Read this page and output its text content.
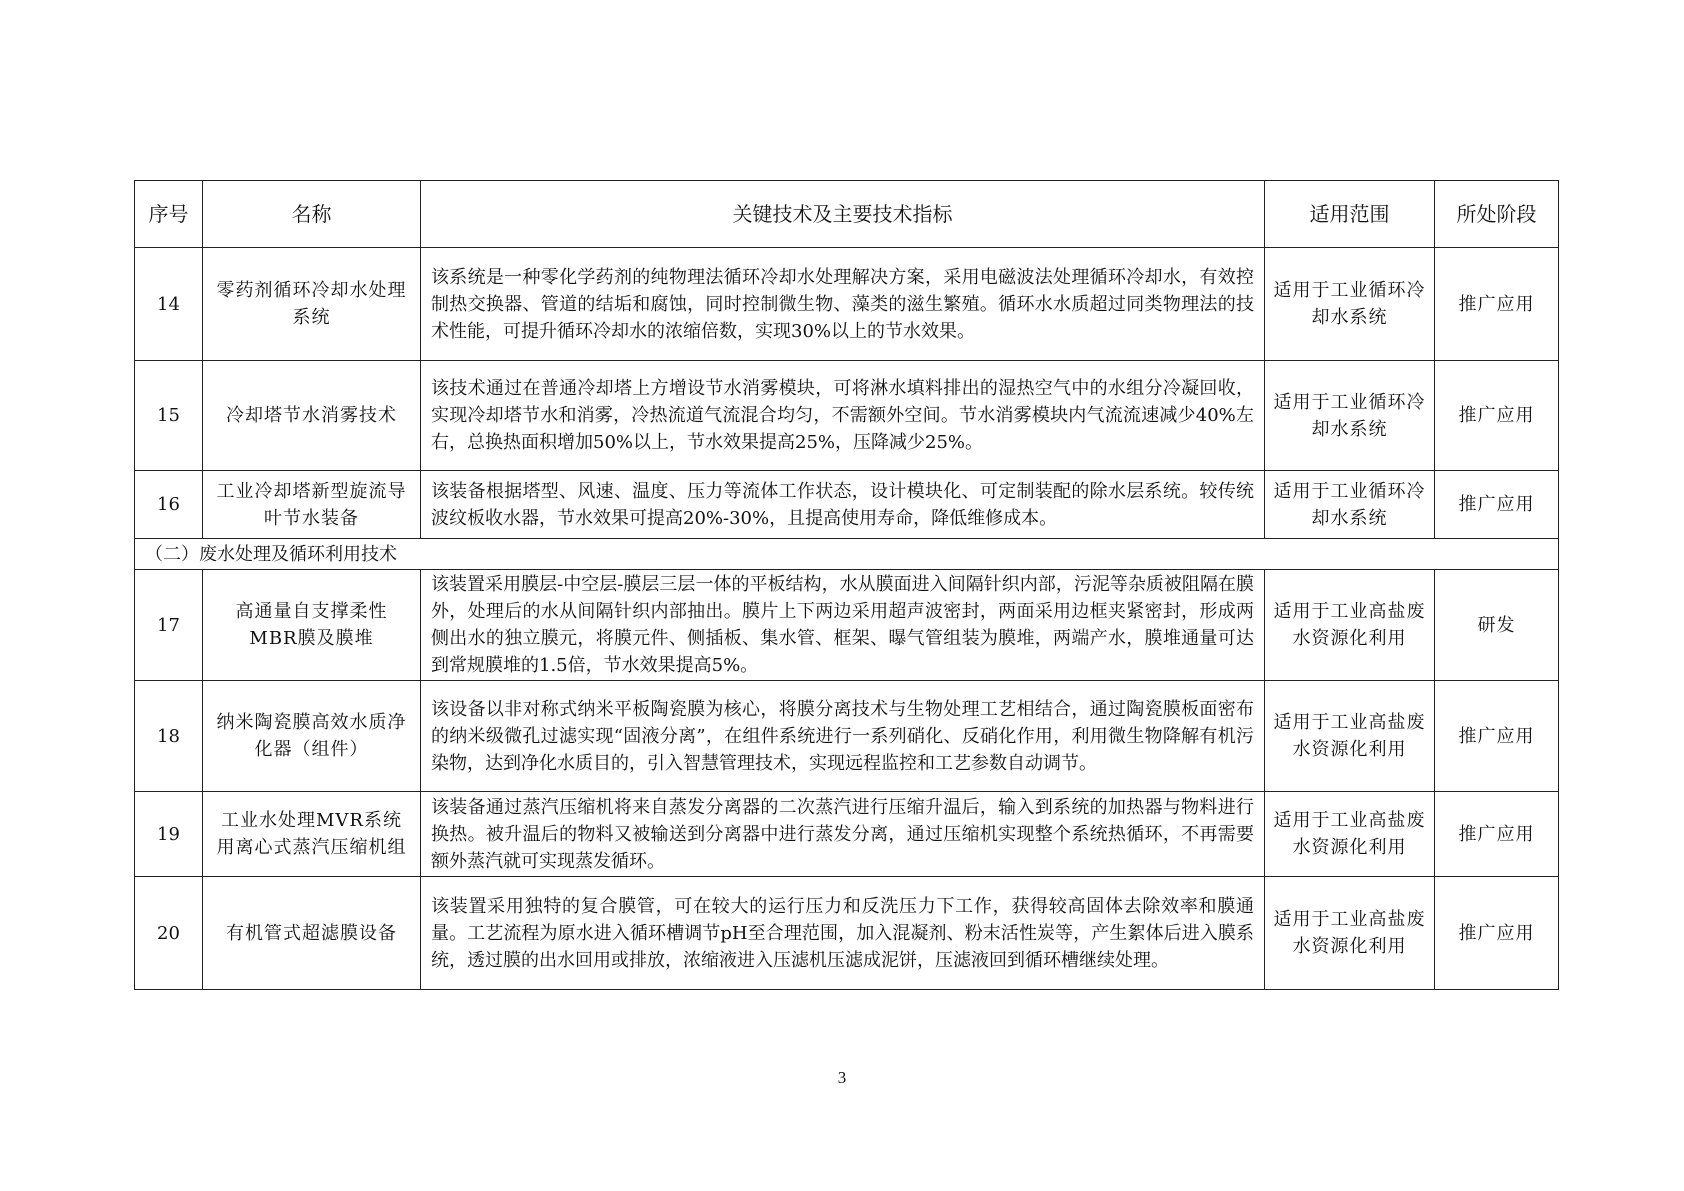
序号	名称	关键技术及主要技术指标	适用范围	所处阶段
14	零药剂循环冷却水处理系统	该系统是一种零化学药剂的纯物理法循环冷却水处理解决方案，采用电磁波法处理循环冷却水，有效控制热交换器、管道的结垢和腐蚀，同时控制微生物、藻类的滋生繁殖。循环水水质超过同类物理法的技术性能，可提升循环冷却水的浓缩倍数，实现30%以上的节水效果。	适用于工业循环冷却水系统	推广应用
15	冷却塔节水消雾技术	该技术通过在普通冷却塔上方增设节水消雾模块，可将淋水填料排出的湿热空气中的水组分冷凝回收，实现冷却塔节水和消雾，冷热流道气流混合均匀，不需额外空间。节水消雾模块内气流流速减少40%左右，总换热面积增加50%以上，节水效果提高25%，压降减少25%。	适用于工业循环冷却水系统	推广应用
16	工业冷却塔新型旋流导叶节水装备	该装备根据塔型、风速、温度、压力等流体工作状态，设计模块化、可定制装配的除水层系统。较传统波纹板收水器，节水效果可提高20%-30%，且提高使用寿命，降低维修成本。	适用于工业循环冷却水系统	推广应用
（二）废水处理及循环利用技术				
17	高通量自支撑柔性MBR膜及膜堆	该装置采用膜层-中空层-膜层三层一体的平板结构，水从膜面进入间隔针织内部，污泥等杂质被阻隔在膜外，处理后的水从间隔针织内部抽出。膜片上下两边采用超声波密封，两面采用边框夹紧密封，形成两侧出水的独立膜元，将膜元件、侧插板、集水管、框架、曝气管组装为膜堆，两端产水，膜堆通量可达到常规膜堆的1.5倍，节水效果提高5%。	适用于工业高盐废水资源化利用	研发
18	纳米陶瓷膜高效水质净化器（组件）	该设备以非对称式纳米平板陶瓷膜为核心，将膜分离技术与生物处理工艺相结合，通过陶瓷膜板面密布的纳米级微孔过滤实现“固液分离”，在组件系统进行一系列硝化、反硝化作用，利用微生物降解有机污染物，达到净化水质目的，引入智慧管理技术，实现远程监控和工艺参数自动调节。	适用于工业高盐废水资源化利用	推广应用
19	工业水处理MVR系统用离心式蒸汽压缩机组	该装备通过蒸汽压缩机将来自蒸发分离器的二次蒸汽进行压缩升温后，输入到系统的加热器与物料进行换热。被升温后的物料又被输送到分离器中进行蒸发分离，通过压缩机实现整个系统热循环，不再需要额外蒸汽就可实现蒸发循环。	适用于工业高盐废水资源化利用	推广应用
20	有机管式超滤膜设备	该装置采用独特的复合膜管，可在较大的运行压力和反洗压力下工作，获得较高固体去除效率和膜通量。工艺流程为原水进入循环槽调节pH至合理范围，加入混凝剂、粉末活性炭等，产生絮体后进入膜系统，透过膜的出水回用或排放，浓缩液进入压滤机压滤成泥饼，压滤液回到循环槽继续处理。	适用于工业高盐废水资源化利用	推广应用
3
